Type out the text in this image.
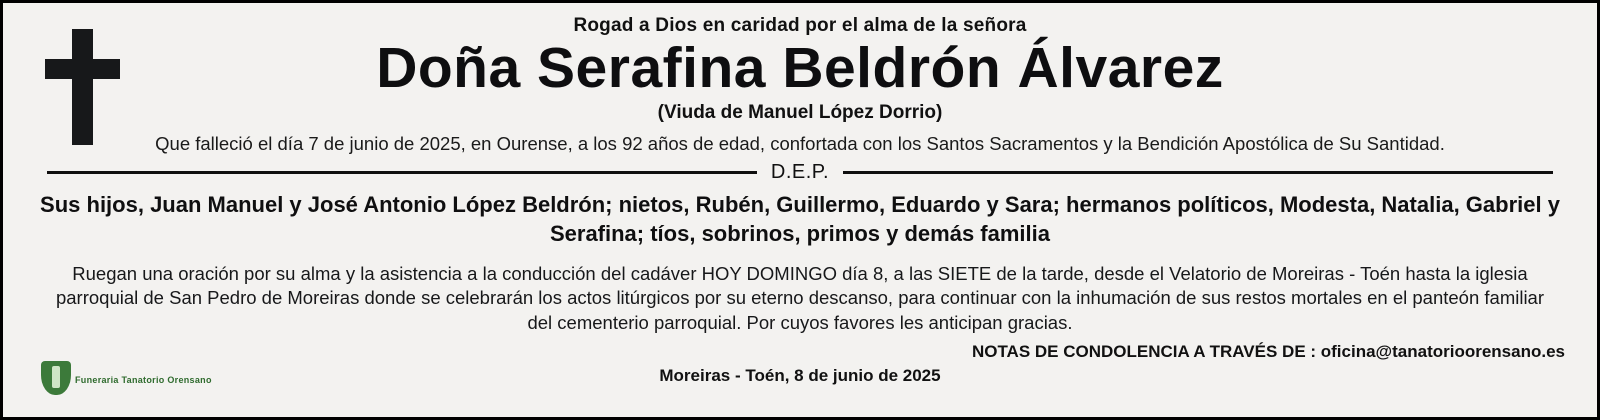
Rogad a Dios en caridad por el alma de la señora
Doña Serafina Beldrón Álvarez
(Viuda de Manuel López Dorrio)
Que falleció el día 7 de junio de 2025, en Ourense, a los 92 años de edad, confortada con los Santos Sacramentos y la Bendición Apostólica de Su Santidad.
D.E.P.
Sus hijos, Juan Manuel y José Antonio López Beldrón; nietos, Rubén, Guillermo, Eduardo y Sara; hermanos políticos, Modesta, Natalia, Gabriel y Serafina; tíos, sobrinos, primos y demás familia
Ruegan una oración por su alma y la asistencia a la conducción del cadáver HOY DOMINGO día 8, a las SIETE de la tarde, desde el Velatorio de Moreiras - Toén hasta la iglesia parroquial de San Pedro de Moreiras donde se celebrarán los actos litúrgicos por su eterno descanso, para continuar con la inhumación de sus restos mortales en el panteón familiar del cementerio parroquial. Por cuyos favores les anticipan gracias.
NOTAS DE CONDOLENCIA A TRAVÉS DE : oficina@tanatorioorensano.es
Moreiras - Toén, 8 de junio de 2025
Funeraria Tanatorio Orensano
